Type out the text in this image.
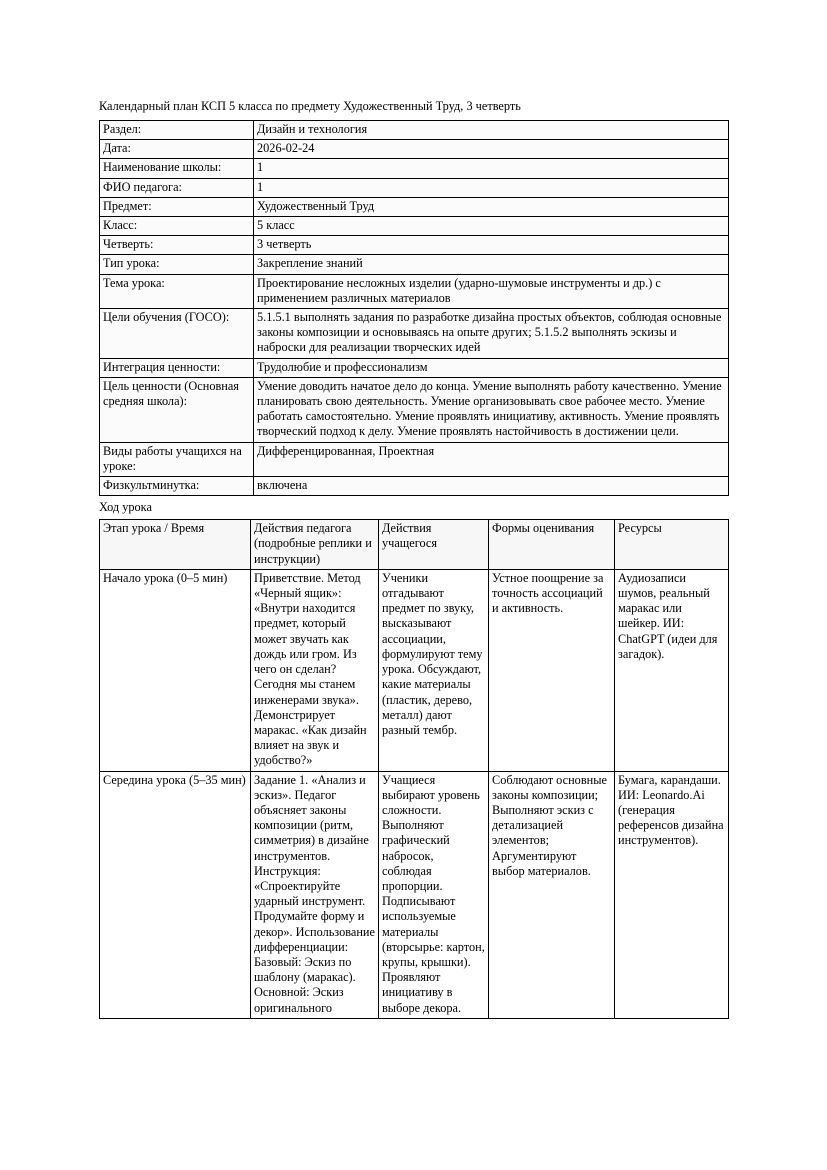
Календарный план КСП 5 класса по предмету Художественный Труд, 3 четверть

Раздел:	Дизайн и технология
Дата:	2026-02-24
Наименование школы:	1
ФИО педагога:	1
Предмет:	Художественный Труд
Класс:	5 класс
Четверть:	3 четверть
Тип урока:	Закрепление знаний
Тема урока:	Проектирование несложных изделии (ударно-шумовые инструменты и др.) с применением различных материалов
Цели обучения (ГОСО):	5.1.5.1 выполнять задания по разработке дизайна простых объектов, соблюдая основные законы композиции и основываясь на опыте других; 5.1.5.2 выполнять эскизы и наброски для реализации творческих идей
Интеграция ценности:	Трудолюбие и профессионализм
Цель ценности (Основная средняя школа):	Умение доводить начатое дело до конца. Умение выполнять работу качественно. Умение планировать свою деятельность. Умение организовывать свое рабочее место. Умение работать самостоятельно. Умение проявлять инициативу, активность. Умение проявлять творческий подход к делу. Умение проявлять настойчивость в достижении цели.
Виды работы учащихся на уроке:	Дифференцированная, Проектная
Физкультминутка:	включена

Ход урока

Этап урока / Время	Действия педагога (подробные реплики и инструкции)	Действия учащегося	Формы оценивания	Ресурсы
Начало урока (0–5 мин)	Приветствие. Метод «Черный ящик»: «Внутри находится предмет, который может звучать как дождь или гром. Из чего он сделан? Сегодня мы станем инженерами звука». Демонстрирует маракас. «Как дизайн влияет на звук и удобство?»	Ученики отгадывают предмет по звуку, высказывают ассоциации, формулируют тему урока. Обсуждают, какие материалы (пластик, дерево, металл) дают разный тембр.	Устное поощрение за точность ассоциаций и активность.	Аудиозаписи шумов, реальный маракас или шейкер. ИИ: ChatGPT (идеи для загадок).
Середина урока (5–35 мин)	Задание 1. «Анализ и эскиз». Педагог объясняет законы композиции (ритм, симметрия) в дизайне инструментов. Инструкция: «Спроектируйте ударный инструмент. Продумайте форму и декор». Использование дифференциации: Базовый: Эскиз по шаблону (маракас). Основной: Эскиз оригинального	Учащиеся выбирают уровень сложности. Выполняют графический набросок, соблюдая пропорции. Подписывают используемые материалы (вторсырье: картон, крупы, крышки). Проявляют инициативу в выборе декора.	Соблюдают основные законы композиции; Выполняют эскиз с детализацией элементов; Аргументируют выбор материалов.	Бумага, карандаши. ИИ: Leonardo.Ai (генерация референсов дизайна инструментов).
